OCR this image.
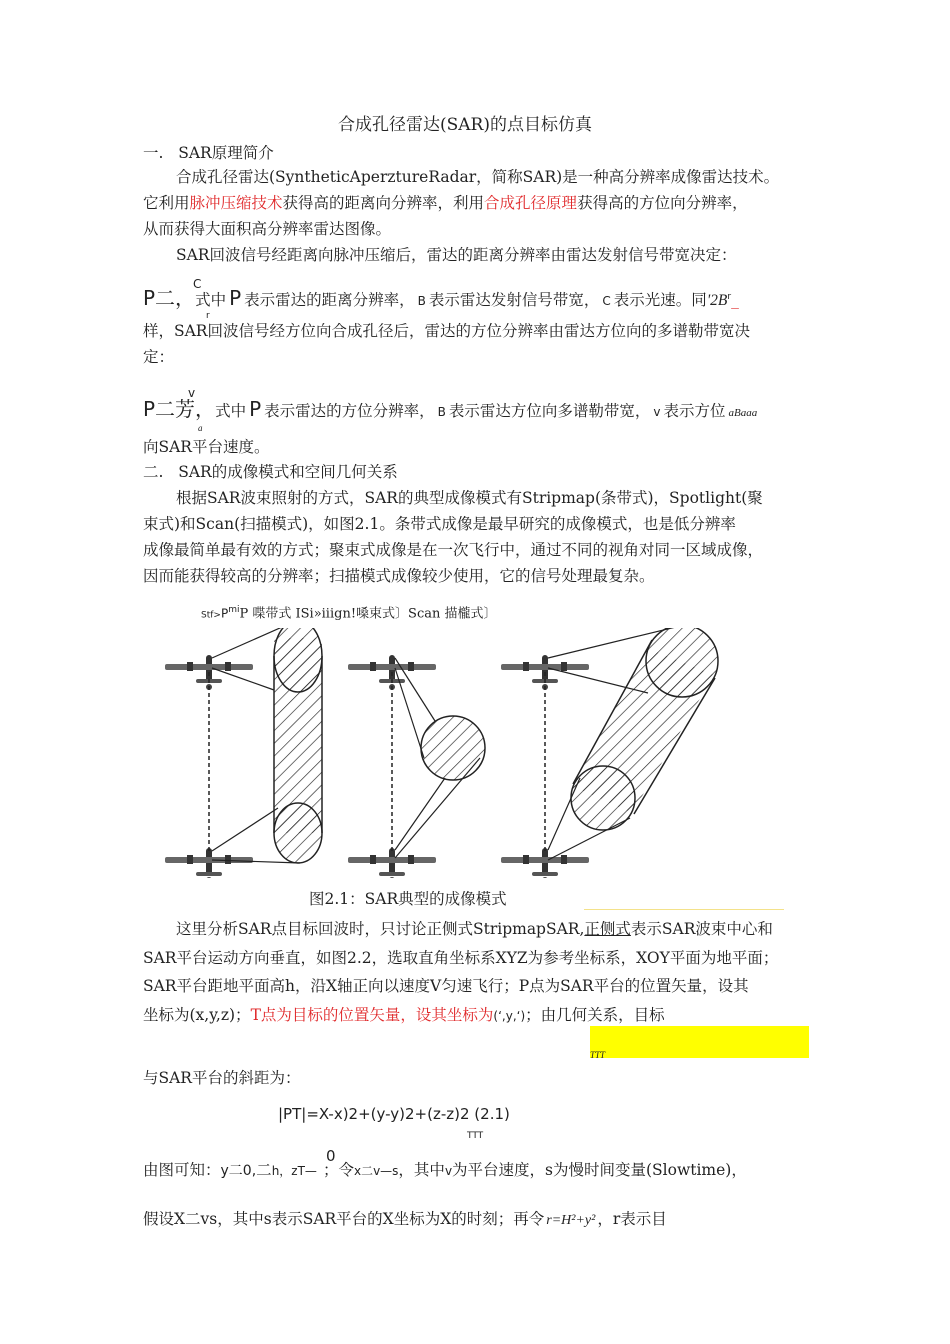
合成孔径雷达(SAR)的点目标仿真
一.   SAR原理简介
合成孔径雷达(SyntheticAperztureRadar，简称SAR)是一种高分辨率成像雷达技术。
它利用脉冲压缩技术获得高的距离向分辨率，利用合成孔径原理获得高的方位向分辨率，
从而获得大面积高分辨率雷达图像。
SAR回波信号经距离向脉冲压缩后，雷达的距离分辨率由雷达发射信号带宽决定：
C
P二，式中 P 表示雷达的距离分辨率， B 表示雷达发射信号带宽， C 表示光速。同'$2B^r\_$
r
样，SAR回波信号经方位向合成孔径后，雷达的方位分辨率由雷达方位向的多谱勒带宽决
定：
v
P二芳，式中 P 表示雷达的方位分辨率， B 表示雷达方位向多谱勒带宽， v 表示方位 aBaaa
a
向SAR平台速度。
二.   SAR的成像模式和空间几何关系
根据SAR波束照射的方式，SAR的典型成像模式有Stripmap(条带式)，Spotlight(聚
束式)和Scan(扫描模式)，如图2.1。条带式成像是最早研究的成像模式，也是低分辨率
成像最简单最有效的方式；聚束式成像是在一次飞行中，通过不同的视角对同一区域成像，
因而能获得较高的分辨率；扫描模式成像较少使用，它的信号处理最复杂。
$Stf>P^{mi}P$ 喋带式 ISi»iiign!嗓束式〕Scan 描櫳式〕
图2.1：SAR典型的成像模式
这里分析SAR点目标回波时，只讨论正侧式StripmapSAR,正侧式表示SAR波束中心和
SAR平台运动方向垂直，如图2.2，选取直角坐标系XYZ为参考坐标系，XOY平面为地平面；
SAR平台距地平面高h，沿X轴正向以速度V匀速飞行；P点为SAR平台的位置矢量，设其
坐标为(x,y,z)；T点为目标的位置矢量，设其坐标为(‘,y,‘)；由几何关系，目标
TTT
与SAR平台的斜距为：
|PT|=X-x)2+(y-y)2+(z-z)2 (2.1)
TTT
0
由图可知：y二0,二h，zT— ；令x二v—s，其中v为平台速度，s为慢时间变量(Slowtime)，
假设X二vs，其中s表示SAR平台的X坐标为X的时刻；再令 r=H²+y² ，r表示目
